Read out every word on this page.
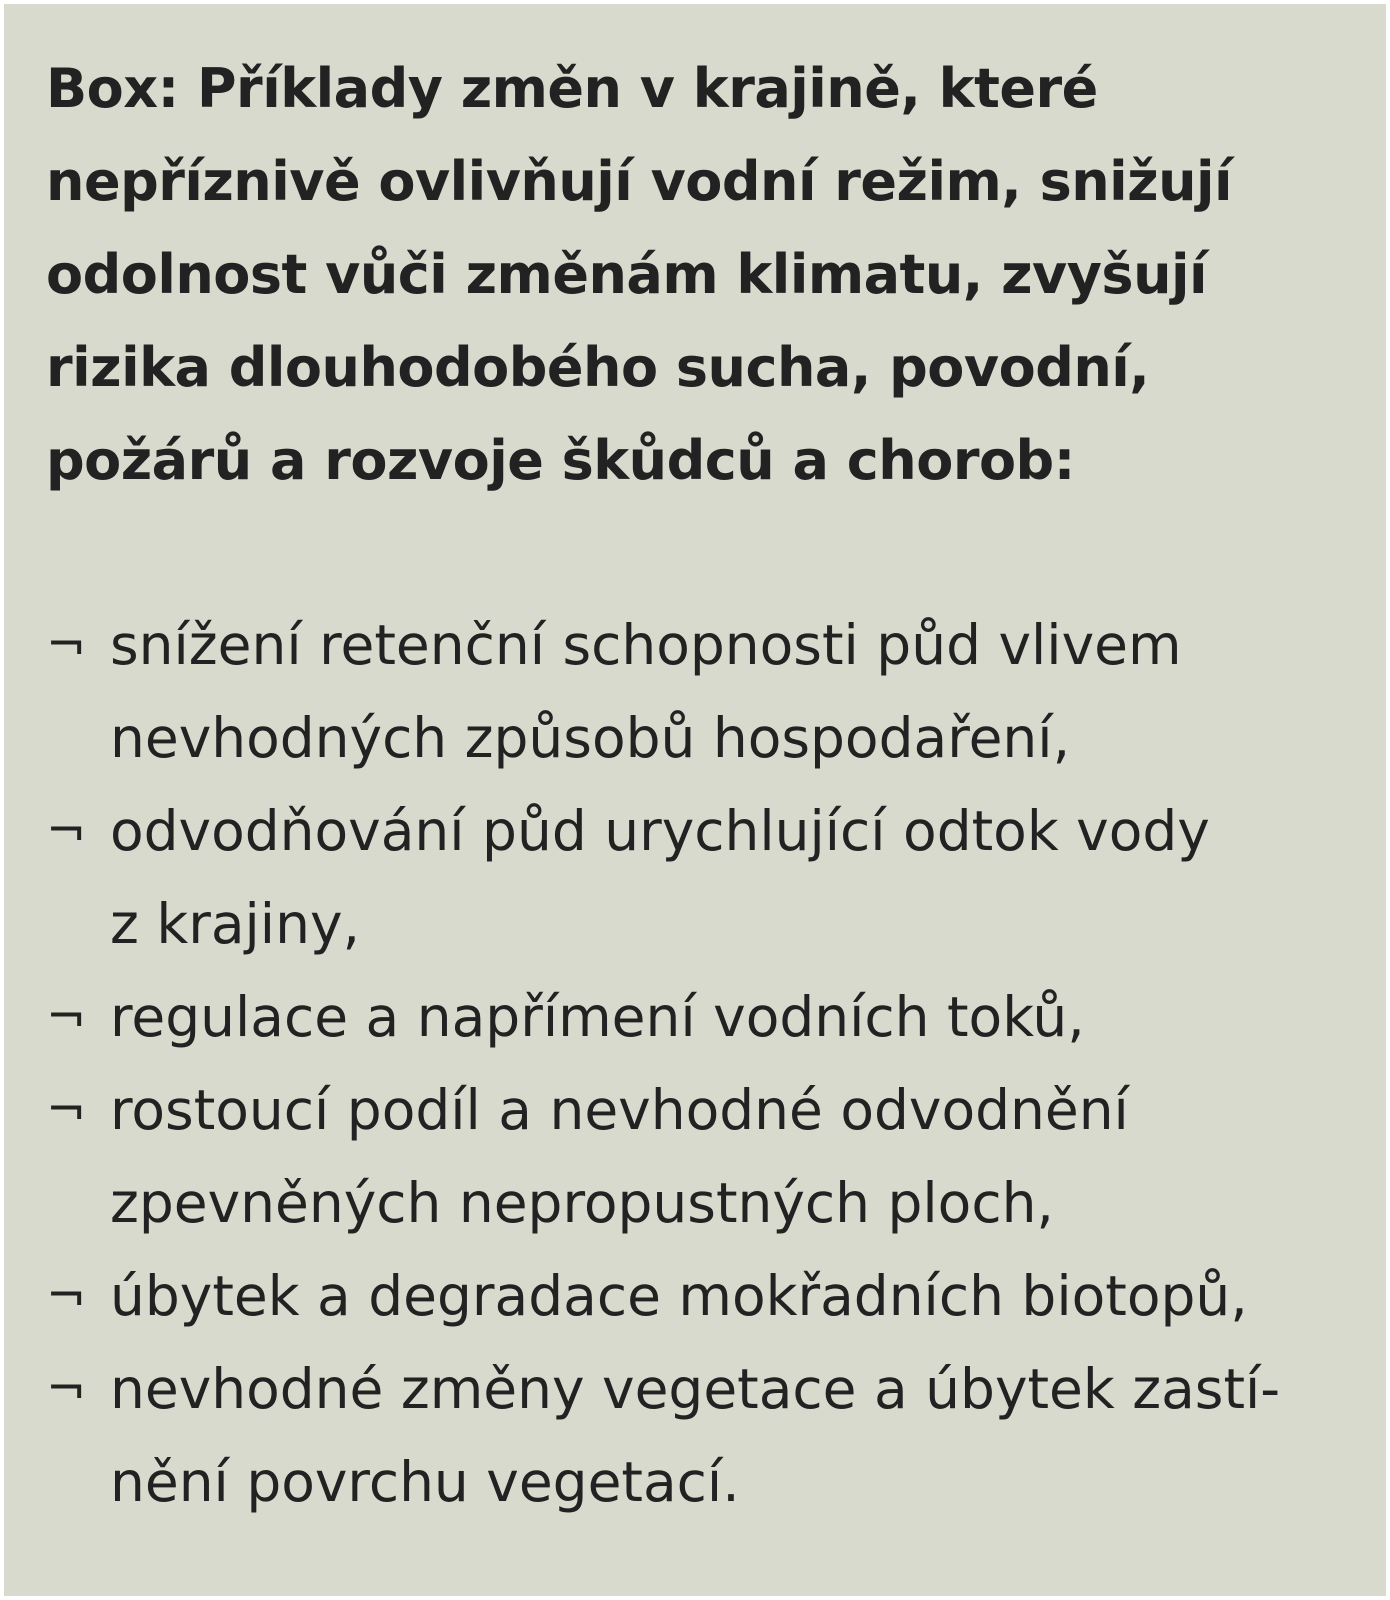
Box: Příklady změn v krajině, které
nepříznivě ovlivňují vodní režim, snižují
odolnost vůči změnám klimatu, zvyšují
rizika dlouhodobého sucha, povodní,
požárů a rozvoje škůdců a chorob:
¬ snížení retenční schopnosti půd vlivem
nevhodných způsobů hospodaření,
¬ odvodňování půd urychlující odtok vody
z krajiny,
¬ regulace a napřímení vodních toků,
¬ rostoucí podíl a nevhodné odvodnění
zpevněných nepropustných ploch,
¬ úbytek a degradace mokřadních biotopů,
¬ nevhodné změny vegetace a úbytek zastí-
nění povrchu vegetací.
